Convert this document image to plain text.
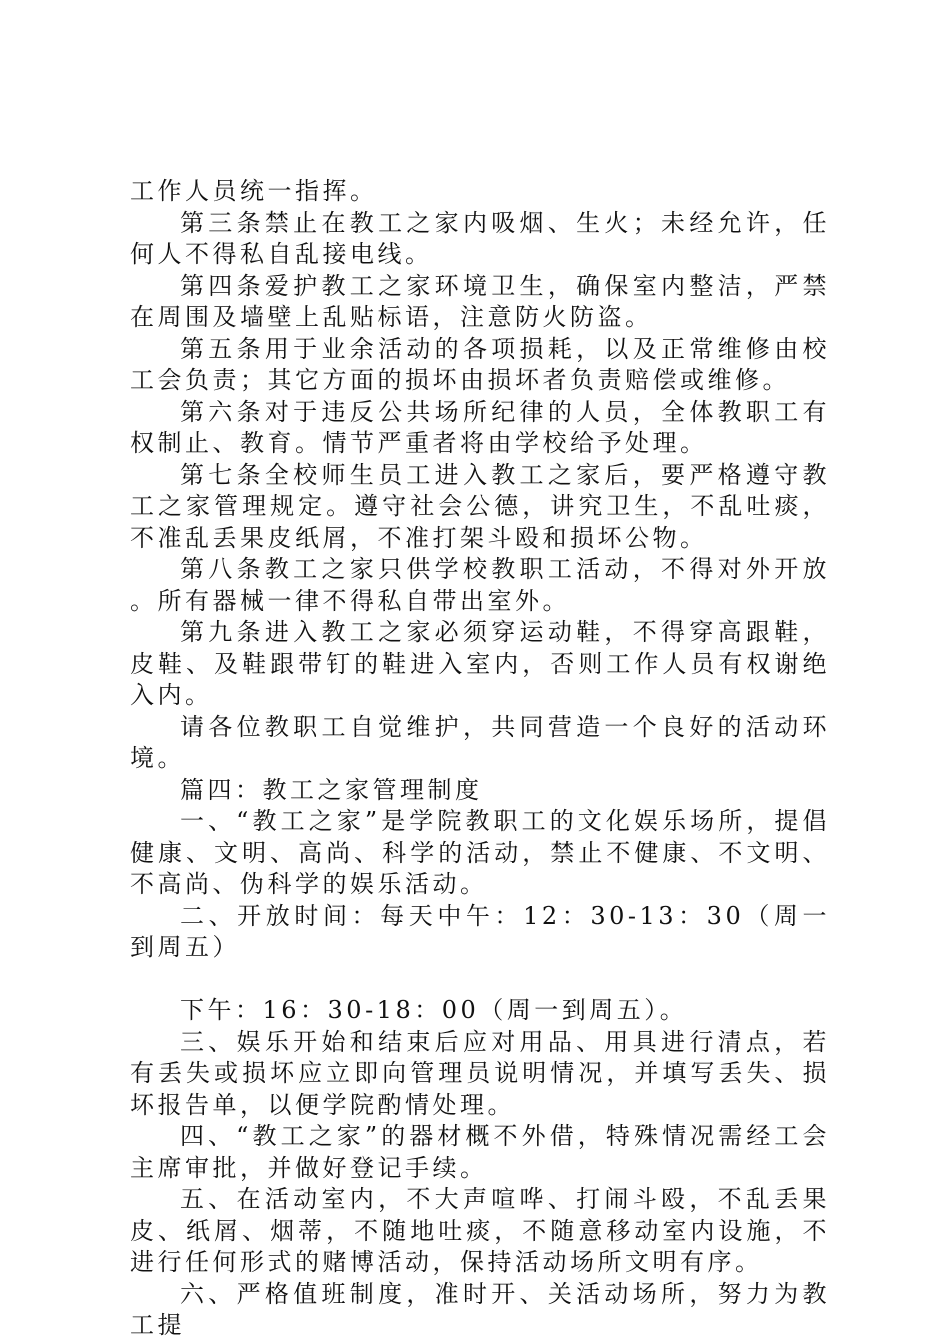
工作人员统一指挥。

第三条禁止在教工之家内吸烟、生火；未经允许，任何人不得私自乱接电线。

第四条爱护教工之家环境卫生，确保室内整洁，严禁在周围及墙壁上乱贴标语，注意防火防盗。

第五条用于业余活动的各项损耗，以及正常维修由校工会负责；其它方面的损坏由损坏者负责赔偿或维修。

第六条对于违反公共场所纪律的人员，全体教职工有权制止、教育。情节严重者将由学校给予处理。

第七条全校师生员工进入教工之家后，要严格遵守教工之家管理规定。遵守社会公德，讲究卫生，不乱吐痰，不准乱丢果皮纸屑，不准打架斗殴和损坏公物。

第八条教工之家只供学校教职工活动，不得对外开放。所有器械一律不得私自带出室外。

第九条进入教工之家必须穿运动鞋，不得穿高跟鞋，皮鞋、及鞋跟带钉的鞋进入室内，否则工作人员有权谢绝入内。

请各位教职工自觉维护，共同营造一个良好的活动环境。

篇四：教工之家管理制度

一、“教工之家”是学院教职工的文化娱乐场所，提倡健康、文明、高尚、科学的活动，禁止不健康、不文明、不高尚、伪科学的娱乐活动。

二、开放时间：每天中午：12：30-13：30（周一到周五）

下午：16：30-18：00（周一到周五）。

三、娱乐开始和结束后应对用品、用具进行清点，若有丢失或损坏应立即向管理员说明情况，并填写丢失、损坏报告单，以便学院酌情处理。

四、“教工之家”的器材概不外借，特殊情况需经工会主席审批，并做好登记手续。

五、在活动室内，不大声喧哗、打闹斗殴，不乱丢果皮、纸屑、烟蒂，不随地吐痰，不随意移动室内设施，不进行任何形式的赌博活动，保持活动场所文明有序。

六、严格值班制度，准时开、关活动场所，努力为教工提
